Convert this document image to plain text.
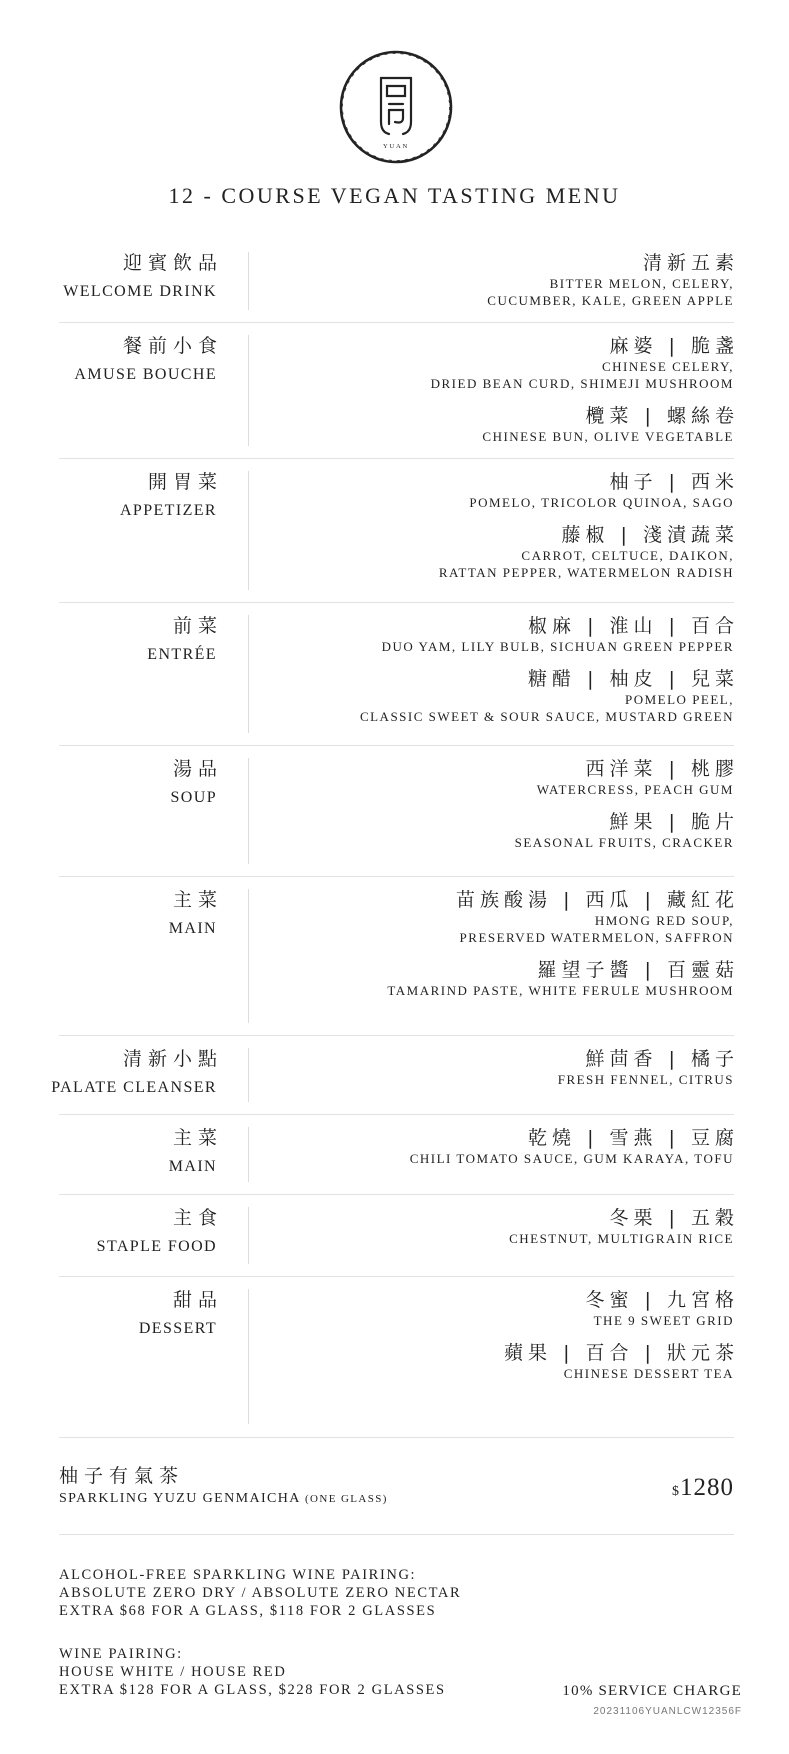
YUAN
12 - COURSE VEGAN TASTING MENU
迎賓飲品
WELCOME DRINK
清新五素
BITTER MELON, CELERY,
CUCUMBER, KALE, GREEN APPLE
餐前小食
AMUSE BOUCHE
麻婆 | 脆盞
CHINESE CELERY,
DRIED BEAN CURD, SHIMEJI MUSHROOM
欖菜 | 螺絲卷
CHINESE BUN, OLIVE VEGETABLE
開胃菜
APPETIZER
柚子 | 西米
POMELO, TRICOLOR QUINOA, SAGO
藤椒 | 淺漬蔬菜
CARROT, CELTUCE, DAIKON,
RATTAN PEPPER, WATERMELON RADISH
前菜
ENTRÉE
椒麻 | 淮山 | 百合
DUO YAM, LILY BULB, SICHUAN GREEN PEPPER
糖醋 | 柚皮 | 兒菜
POMELO PEEL,
CLASSIC SWEET & SOUR SAUCE, MUSTARD GREEN
湯品
SOUP
西洋菜 | 桃膠
WATERCRESS, PEACH GUM
鮮果 | 脆片
SEASONAL FRUITS, CRACKER
主菜
MAIN
苗族酸湯 | 西瓜 | 藏紅花
HMONG RED SOUP,
PRESERVED WATERMELON, SAFFRON
羅望子醬 | 百靈菇
TAMARIND PASTE, WHITE FERULE MUSHROOM
清新小點
PALATE CLEANSER
鮮茴香 | 橘子
FRESH FENNEL, CITRUS
主菜
MAIN
乾燒 | 雪燕 | 豆腐
CHILI TOMATO SAUCE, GUM KARAYA, TOFU
主食
STAPLE FOOD
冬栗 | 五穀
CHESTNUT, MULTIGRAIN RICE
甜品
DESSERT
冬蜜 | 九宮格
THE 9 SWEET GRID
蘋果 | 百合 | 狀元茶
CHINESE DESSERT TEA
柚子有氣茶
SPARKLING YUZU GENMAICHA (ONE GLASS)	$1280
ALCOHOL-FREE SPARKLING WINE PAIRING:
ABSOLUTE ZERO DRY / ABSOLUTE ZERO NECTAR
EXTRA $68 FOR A GLASS, $118 FOR 2 GLASSES
WINE PAIRING:
HOUSE WHITE / HOUSE RED
EXTRA $128 FOR A GLASS, $228 FOR 2 GLASSES	10% SERVICE CHARGE
20231106YUANLCW12356F
